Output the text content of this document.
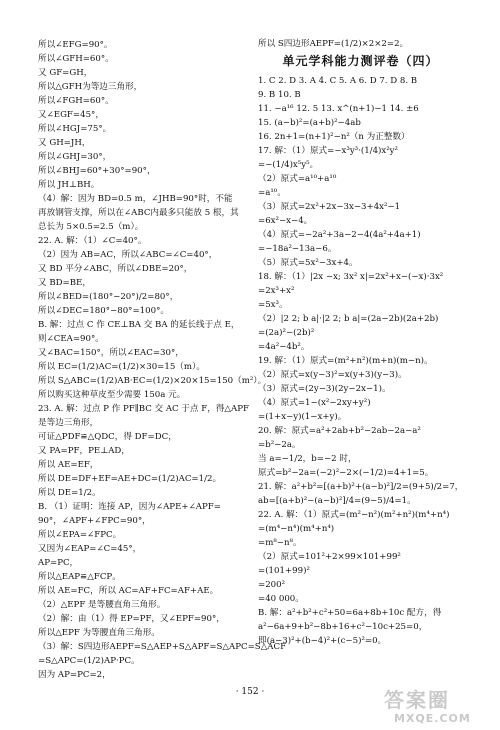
所以∠EFG=90°。
所以∠GFH=60°。
又 GF=GH，
所以△GFH为等边三角形，
所以∠FGH=60°。
又∠EGF=45°，
所以∠HGJ=75°。
又 GH=JH，
所以∠GHJ=30°，
所以∠BHJ=60°+30°=90°，
所以 JH⊥BH。
（4）解：因为 BD=0.5 m，∠JHB=90°时，不能
再放钢管支撑，所以在∠ABC内最多只能放 5 根，其
总长为 5×0.5=2.5（m）。
22. A. 解：（1）∠C=40°。
（2）因为 AB=AC，所以∠ABC=∠C=40°，
又 BD 平分∠ABC，所以∠DBE=20°，
又 BD=BE，
所以∠BED=(180°−20°)/2=80°，
所以∠DEC=180°−80°=100°。
B. 解：过点 C 作 CE⊥BA 交 BA 的延长线于点 E，
则∠CEA=90°。
又∠BAC=150°，所以∠EAC=30°，
所以 EC=(1/2)AC=(1/2)×30=15（m）。
所以 S△ABC=(1/2)AB·EC=(1/2)×20×15=150（m²）。
所以购买这种草皮至少需要 150a 元。
23. A. 解：过点 P 作 PF∥BC 交 AC 于点 F，得△APF
是等边三角形，
可证△PDF≌△QDC，得 DF=DC，
又 PA=PF，PE⊥AD，
所以 AE=EF，
所以 DE=DF+EF=AE+DC=(1/2)AC=1/2。
所以 DE=1/2。
B. （1）证明：连接 AP，因为∠APE+∠APF=
90°，∠APF+∠FPC=90°，
所以∠EPA=∠FPC。
又因为∠EAP=∠C=45°，
AP=PC，
所以△EAP≌△FCP。
所以 AE=FC，所以 AC=AF+FC=AF+AE。
（2）△EPF 是等腰直角三角形。
（2）解：由（1）得 EP=PF，又∠EPF=90°，
所以△EPF 为等腰直角三角形。
（3）解：S四边形AEPF=S△AEP+S△APF=S△APC=S△ACF
=S△APC=(1/2)AP·PC。
因为 AP=PC=2，
所以 S四边形AEPF=(1/2)×2×2=2。
单元学科能力测评卷（四）
1. C 2. D 3. A 4. C 5. A 6. D 7. D 8. B
9. B 10. B
11. −a¹⁶ 12. 5 13. x^(n+1)−1 14. ±6
15. (a−b)²=(a+b)²−4ab
16. 2n+1=(n+1)²−n²（n 为正整数）
17. 解：（1）原式=−x³y³·(1/4)x²y²
=−(1/4)x⁵y⁵。
（2）原式=a¹⁰+a¹⁰
=a¹⁰。
（3）原式=2x²+2x−3x−3+4x²−1
=6x²−x−4。
（4）原式=−2a²+3a−2−4(4a²+4a+1)
=−18a²−13a−6。
（5）原式=5x²−3x+4。
18. 解：（1）|2x −x; 3x² x|=2x²+x−(−x)·3x²
=2x³+x²
=5x³。
（2）|2 2; b a|·|2 2; b a|=(2a−2b)(2a+2b)
=(2a)²−(2b)²
=4a²−4b²。
19. 解：（1）原式=(m²+n²)(m+n)(m−n)。
（2）原式=x(y−3)²=x(y+3)(y−3)。
（3）原式=(2y−3)(2y−2x−1)。
（4）原式=1−(x²−2xy+y²)
=(1+x−y)(1−x+y)。
20. 解：原式=a²+2ab+b²−2ab−2a−a²
=b²−2a。
当 a=−1/2，b=−2 时，
原式=b²−2a=(−2)²−2×(−1/2)=4+1=5。
21. 解：a²+b²=[(a+b)²+(a−b)²]/2=(9+5)/2=7，
ab=[(a+b)²−(a−b)²]/4=(9−5)/4=1。
22. A. 解：（1）原式=(m²−n²)(m²+n²)(m⁴+n⁴)
=(m⁴−n⁴)(m⁴+n⁴)
=m⁸−n⁸。
（2）原式=101²+2×99×101+99²
=(101+99)²
=200²
=40 000。
B. 解：a²+b²+c²+50=6a+8b+10c 配方，得
a²−6a+9+b²−8b+16+c²−10c+25=0，
即(a−3)²+(b−4)²+(c−5)²=0。
· 152 ·	答案圈
MXQE.COM
